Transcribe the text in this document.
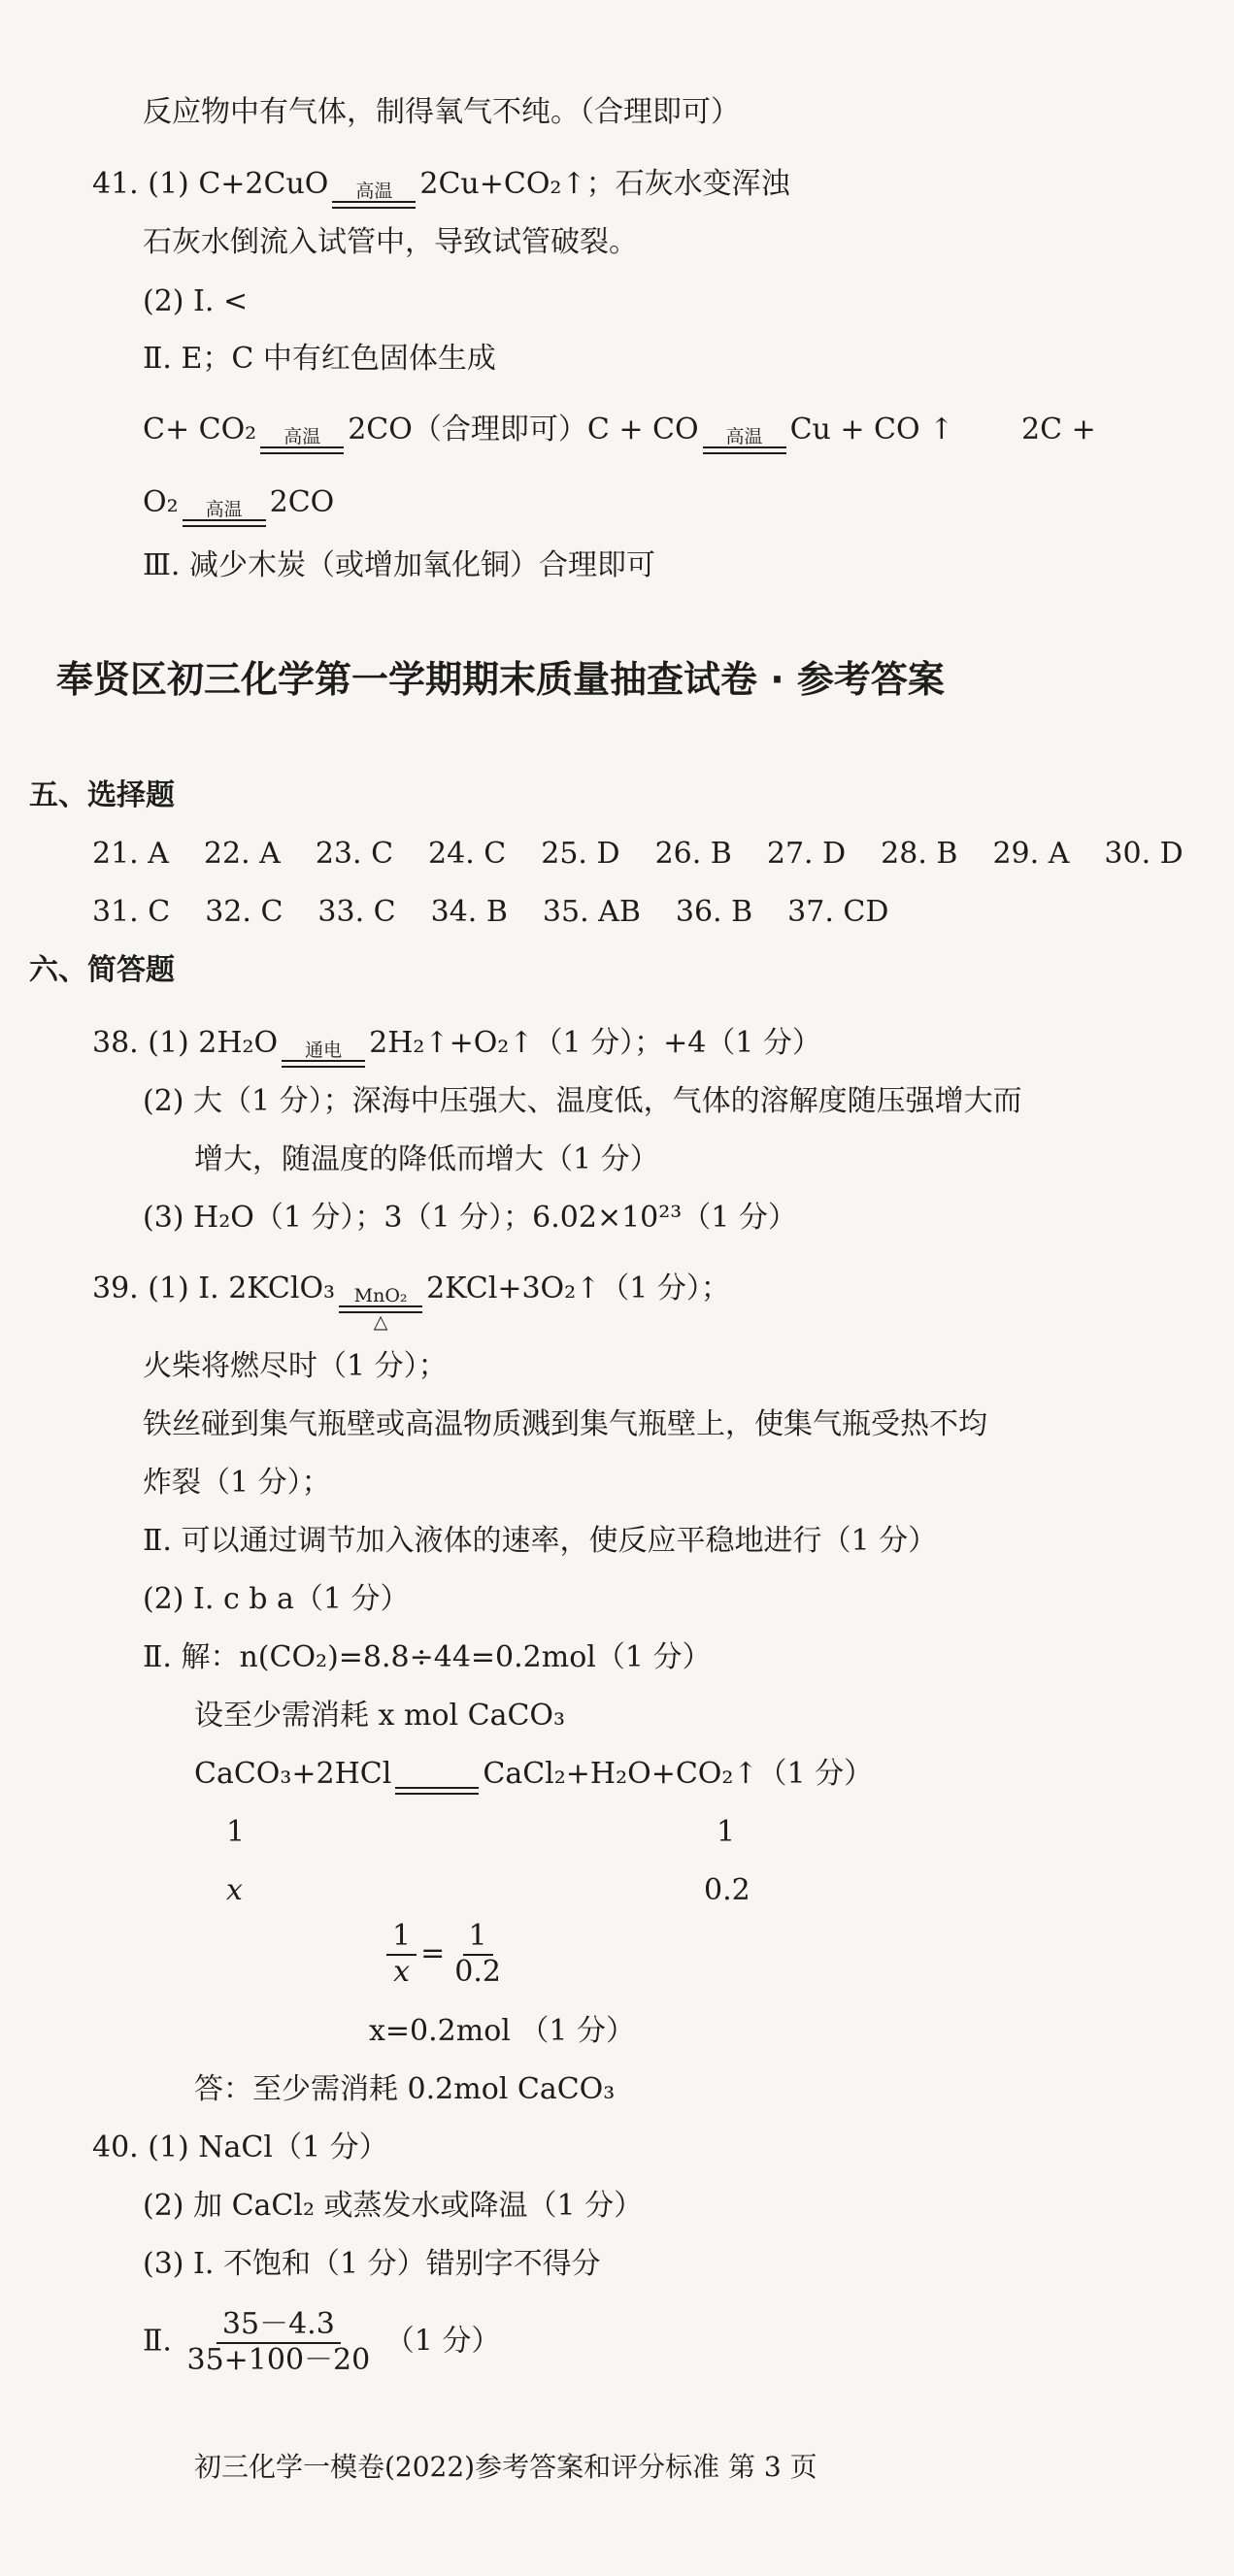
反应物中有气体，制得氧气不纯。（合理即可）
41. (1) C+2CuO 高温 2Cu+CO₂↑；石灰水变浑浊
石灰水倒流入试管中，导致试管破裂。
(2) Ⅰ. <
Ⅱ. E；C 中有红色固体生成
C+ CO₂ 高温 2CO（合理即可）C + CO 高温 Cu + CO ↑ 2C +
O₂ 高温 2CO
Ⅲ. 减少木炭（或增加氧化铜）合理即可
奉贤区初三化学第一学期期末质量抽查试卷 · 参考答案
五、选择题
21. A 22. A 23. C 24. C 25. D 26. B 27. D 28. B 29. A 30. D
31. C 32. C 33. C 34. B 35. AB 36. B 37. CD
六、简答题
38. (1) 2H₂O 通电 2H₂↑+O₂↑（1 分）；+4（1 分）
(2) 大（1 分）；深海中压强大、温度低，气体的溶解度随压强增大而
增大，随温度的降低而增大（1 分）
(3) H₂O（1 分）；3（1 分）；6.02×10²³（1 分）
39. (1) Ⅰ. 2KClO₃ MnO₂
△
2KCl+3O₂↑（1 分）；
火柴将燃尽时（1 分）；
铁丝碰到集气瓶壁或高温物质溅到集气瓶壁上，使集气瓶受热不均
炸裂（1 分）；
Ⅱ. 可以通过调节加入液体的速率，使反应平稳地进行（1 分）
(2) Ⅰ. c b a（1 分）
Ⅱ. 解：n(CO₂)=8.8÷44=0.2mol（1 分）
设至少需消耗 x mol CaCO₃
CaCO₃+2HCl	CaCl₂+H₂O+CO₂↑（1 分）
1	1
x	0.2
$\frac{1}{x} = \frac{1}{0.2}$
x=0.2mol （1 分）
答：至少需消耗 0.2mol CaCO₃
40. (1) NaCl（1 分）
(2) 加 CaCl₂ 或蒸发水或降温（1 分）
(3) Ⅰ. 不饱和（1 分）错别字不得分
Ⅱ. $\frac{35-4.3}{35+100-20} (1$ 分）
初三化学一模卷(2022)参考答案和评分标准 第 3 页
